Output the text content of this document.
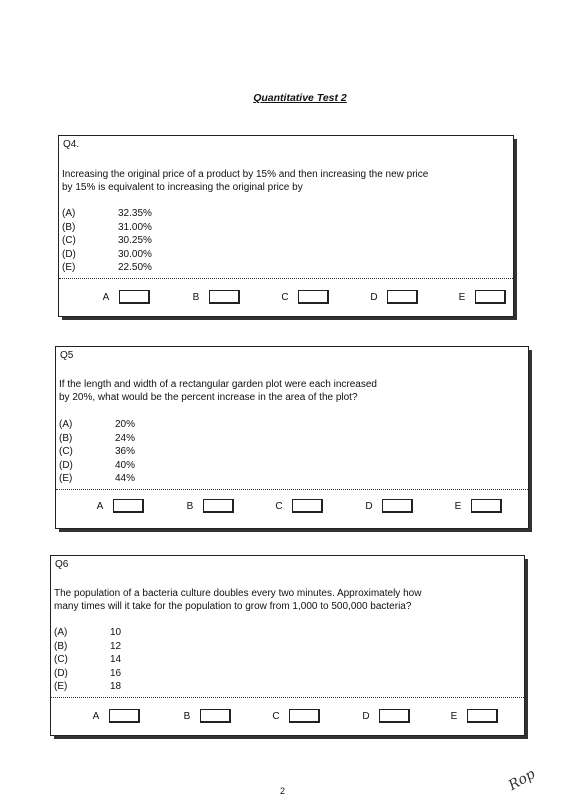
Quantitative Test 2
Q4.
Increasing the original price of a product by 15% and then increasing the new price
by 15% is equivalent to increasing the original price by
(A)	32.35%
(B)	31.00%
(C)	30.25%
(D)	30.00%
(E)	22.50%
A	B	C	D	E
Q5
If the length and width of a rectangular garden plot were each increased
by 20%, what would be the percent increase in the area of the plot?
(A)	20%
(B)	24%
(C)	36%
(D)	40%
(E)	44%
A	B	C	D	E
Q6
The population of a bacteria culture doubles every two minutes. Approximately how
many times will it take for the population to grow from 1,000 to 500,000 bacteria?
(A)	10
(B)	12
(C)	14
(D)	16
(E)	18
A	B	C	D	E
2	Rop
